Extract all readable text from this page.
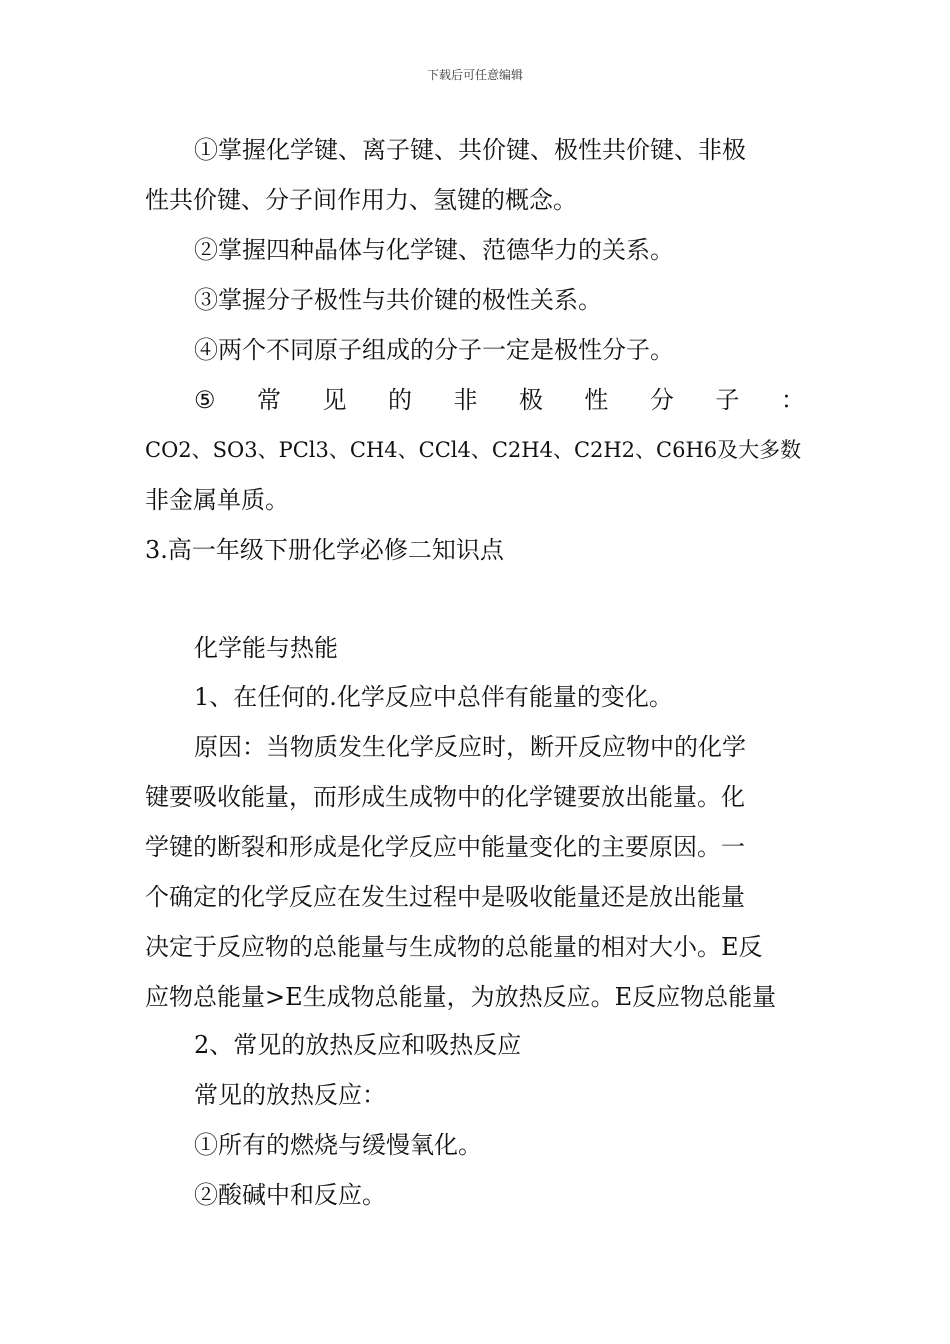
下载后可任意编辑
①掌握化学键、离子键、共价键、极性共价键、非极
性共价键、分子间作用力、氢键的概念。
②掌握四种晶体与化学键、范德华力的关系。
③掌握分子极性与共价键的极性关系。
④两个不同原子组成的分子一定是极性分子。
⑤ 常 见 的 非 极 性 分 子 ：
CO2、SO3、PCl3、CH4、CCl4、C2H4、C2H2、C6H6及大多数
非金属单质。
3.高一年级下册化学必修二知识点
化学能与热能
1、在任何的.化学反应中总伴有能量的变化。
原因：当物质发生化学反应时，断开反应物中的化学
键要吸收能量，而形成生成物中的化学键要放出能量。化
学键的断裂和形成是化学反应中能量变化的主要原因。一
个确定的化学反应在发生过程中是吸收能量还是放出能量
决定于反应物的总能量与生成物的总能量的相对大小。E反
应物总能量>E生成物总能量，为放热反应。E反应物总能量
2、常见的放热反应和吸热反应
常见的放热反应：
①所有的燃烧与缓慢氧化。
②酸碱中和反应。
